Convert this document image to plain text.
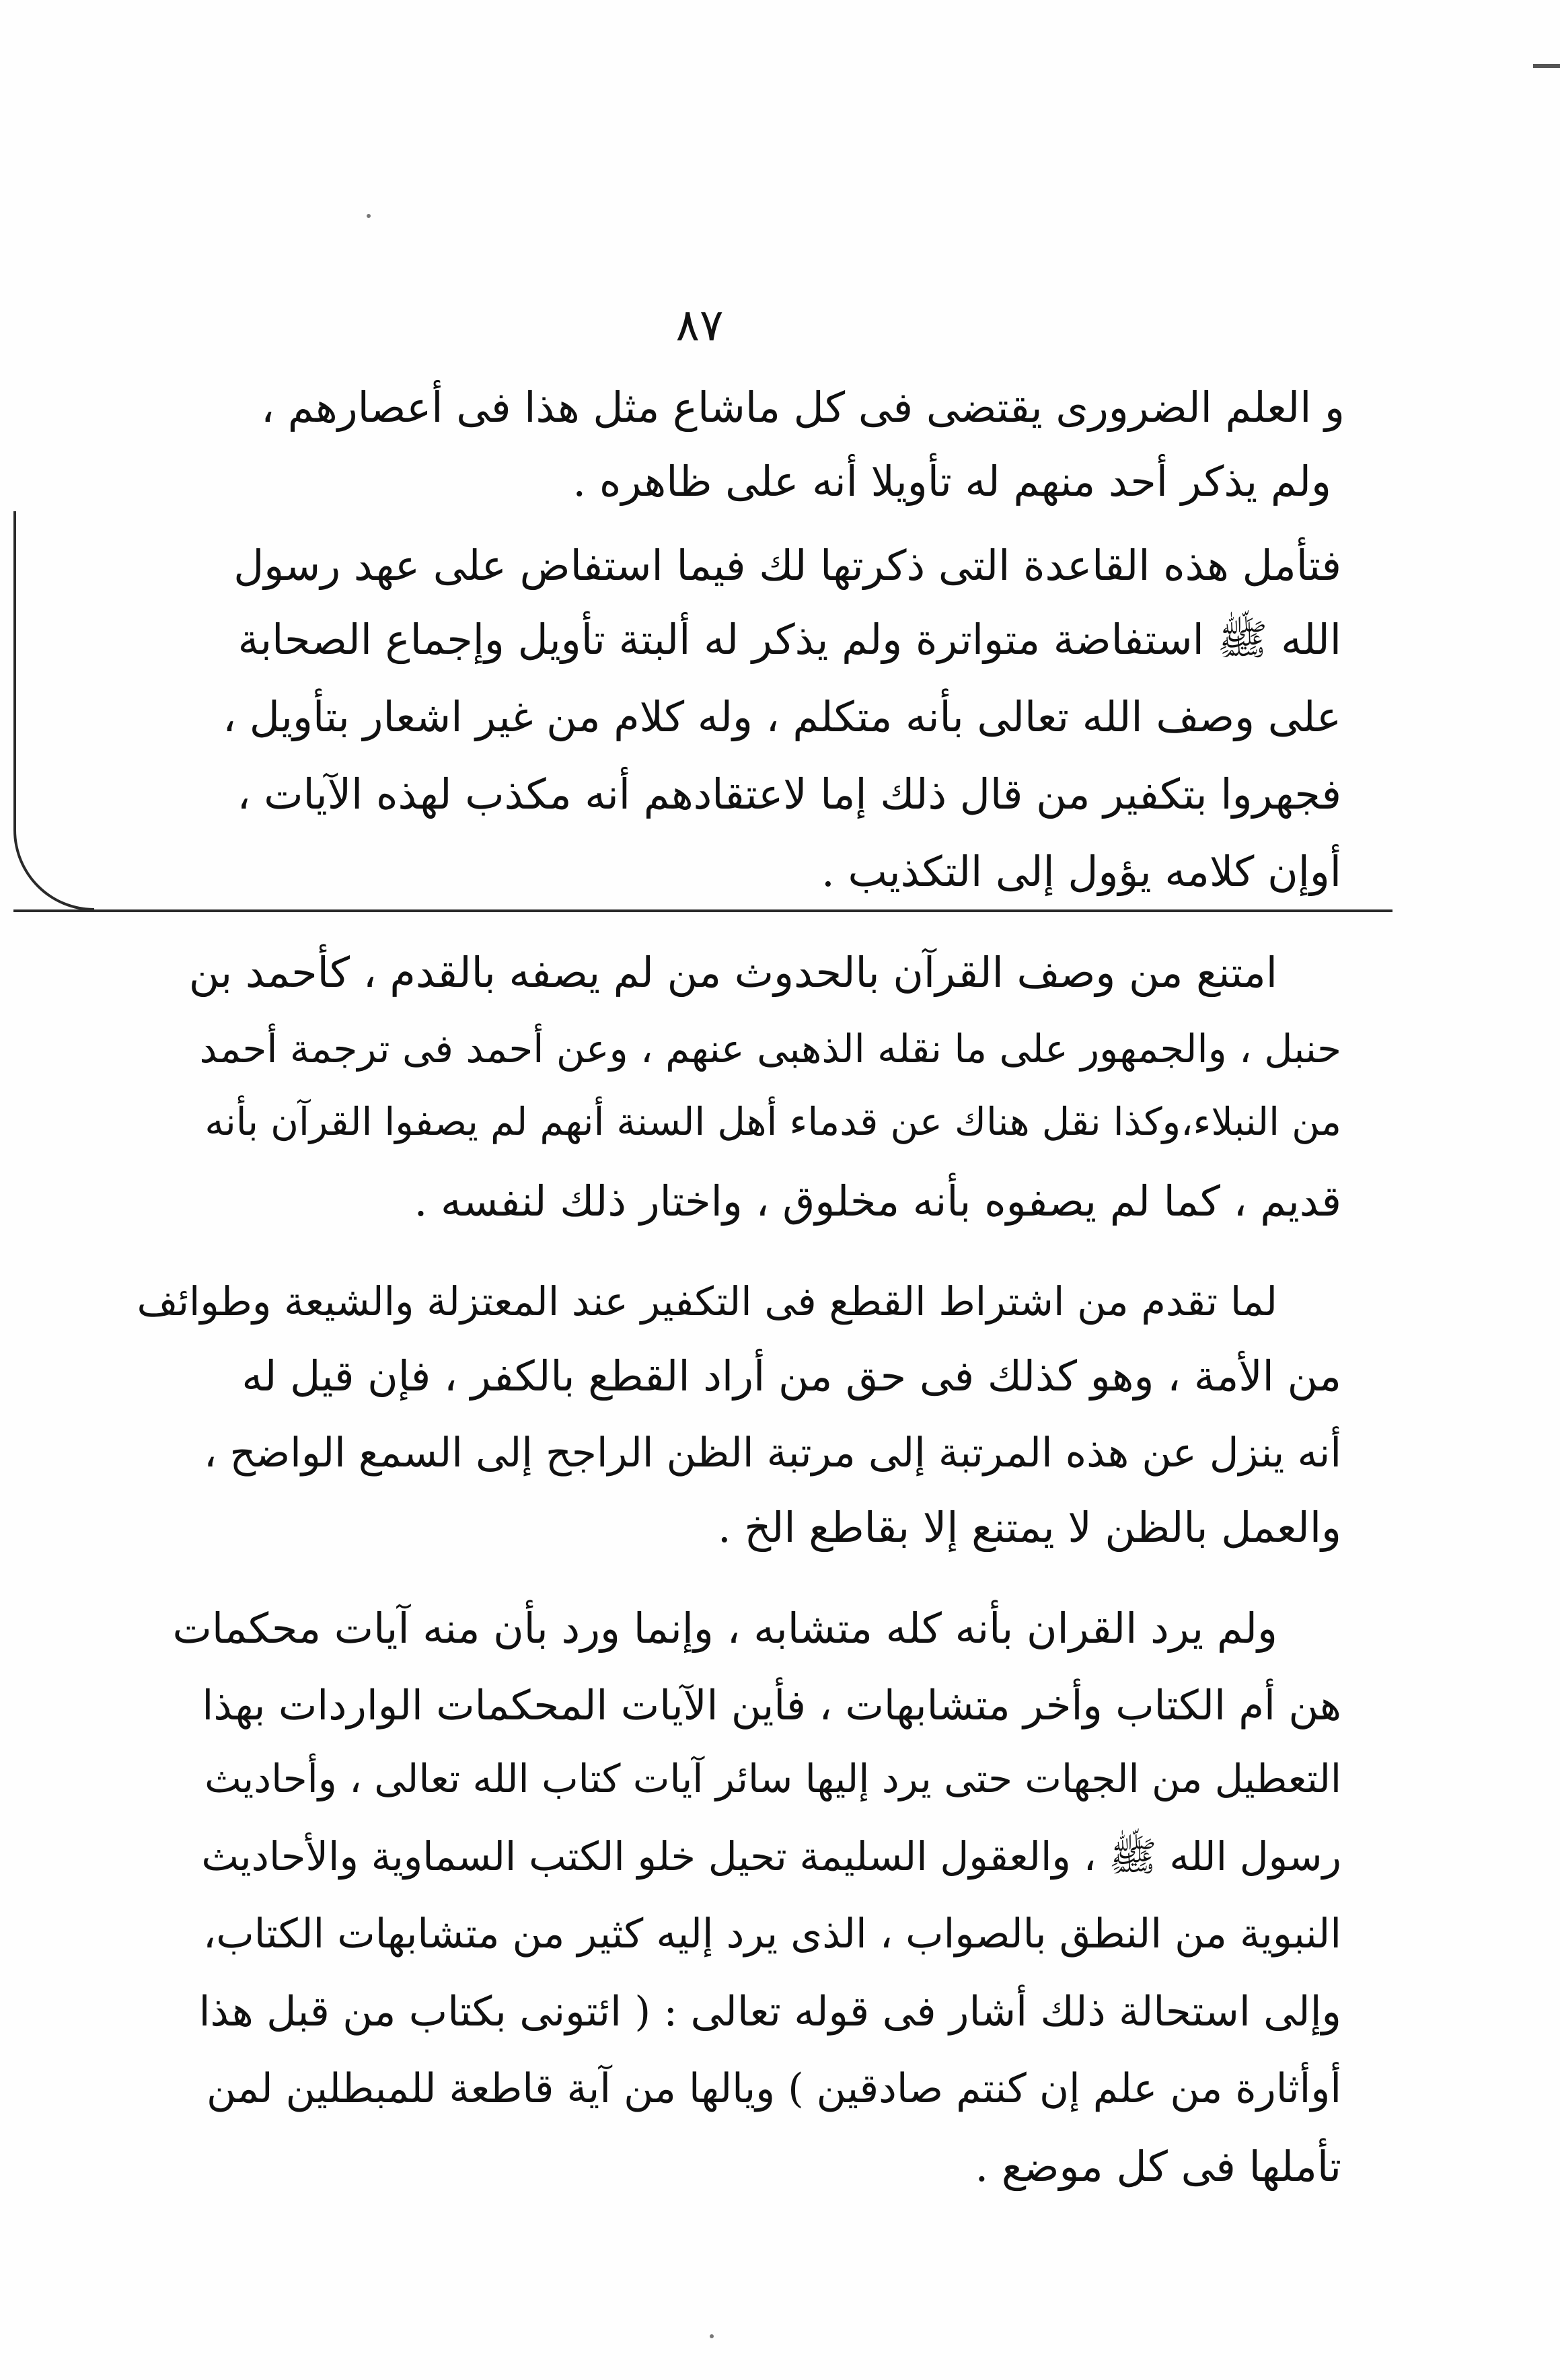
٨٧
و العلم الضرورى يقتضى فى كل ماشاع مثل هذا فى أعصارهم ،
ولم يذكر أحد منهم له تأويلا أنه على ظاهره .
فتأمل هذه القاعدة التى ذكرتها لك فيما استفاض على عهد رسول
الله ﷺ استفاضة متواترة ولم يذكر له ألبتة تأويل وإجماع الصحابة
على وصف الله تعالى بأنه متكلم ، وله كلام من غير اشعار بتأويل ،
فجهروا بتكفير من قال ذلك إما لاعتقادهم أنه مكذب لهذه الآيات ،
أوإن كلامه يؤول إلى التكذيب .
امتنع من وصف القرآن بالحدوث من لم يصفه بالقدم ، كأحمد بن
حنبل ، والجمهور على ما نقله الذهبى عنهم ، وعن أحمد فى ترجمة أحمد
من النبلاء،وكذا نقل هناك عن قدماء أهل السنة أنهم لم يصفوا القرآن بأنه
قديم ، كما لم يصفوه بأنه مخلوق ، واختار ذلك لنفسه .
لما تقدم من اشتراط القطع فى التكفير عند المعتزلة والشيعة وطوائف
من الأمة ، وهو كذلك فى حق من أراد القطع بالكفر ، فإن قيل له
أنه ينزل عن هذه المرتبة إلى مرتبة الظن الراجح إلى السمع الواضح ،
والعمل بالظن لا يمتنع إلا بقاطع الخ .
ولم يرد القران بأنه كله متشابه ، وإنما ورد بأن منه آيات محكمات
هن أم الكتاب وأخر متشابهات ، فأين الآيات المحكمات الواردات بهذا
التعطيل من الجهات حتى يرد إليها سائر آيات كتاب الله تعالى ، وأحاديث
رسول الله ﷺ ، والعقول السليمة تحيل خلو الكتب السماوية والأحاديث
النبوية من النطق بالصواب ، الذى يرد إليه كثير من متشابهات الكتاب،
وإلى استحالة ذلك أشار فى قوله تعالى : ( ائتونى بكتاب من قبل هذا
أوأثارة من علم إن كنتم صادقين ) ويالها من آية قاطعة للمبطلين لمن
تأملها فى كل موضع .
